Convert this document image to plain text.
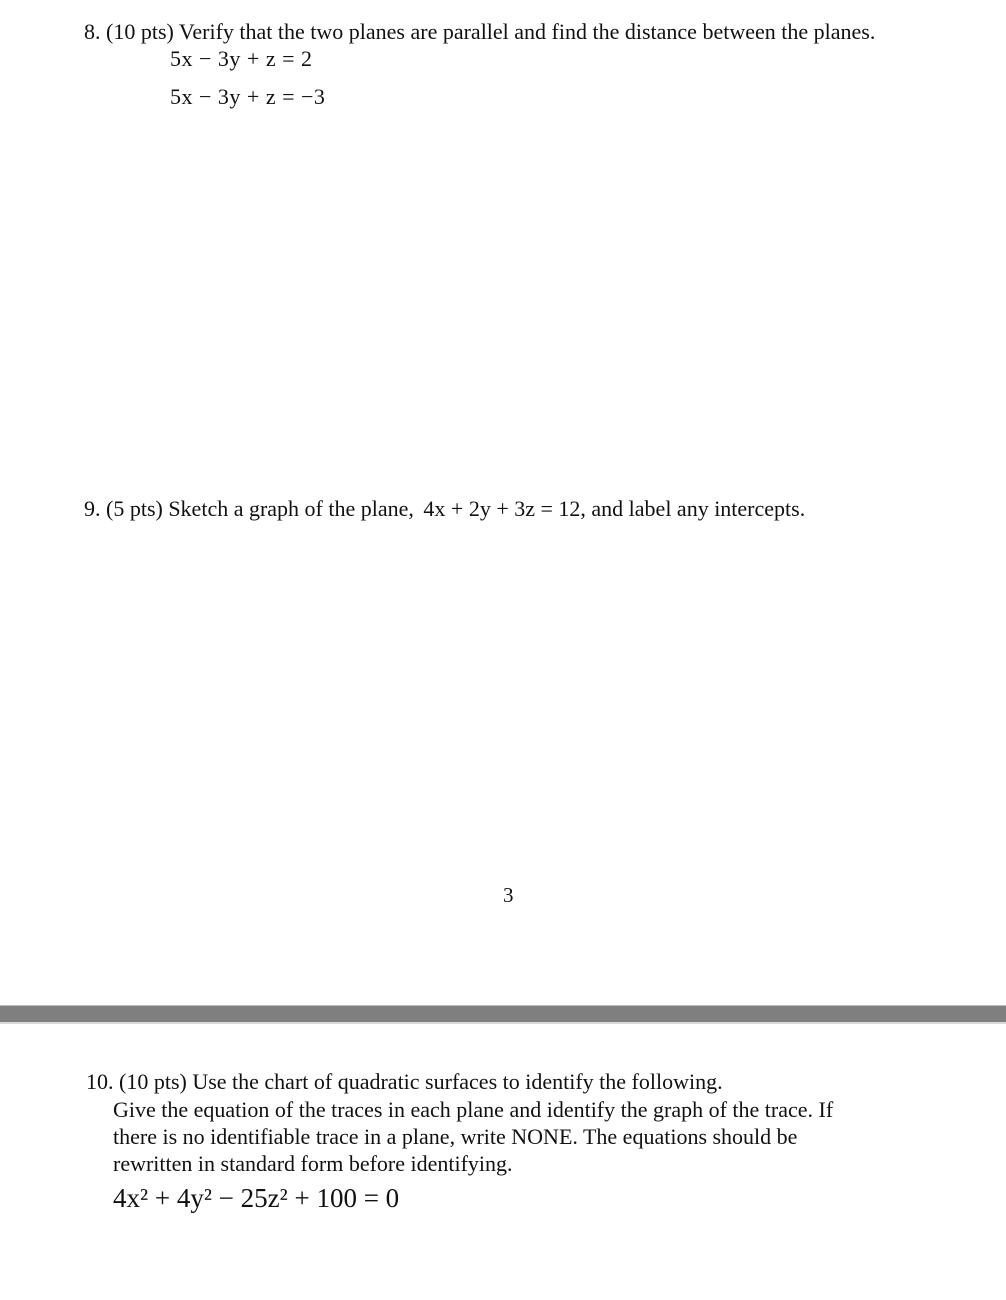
8. (10 pts) Verify that the two planes are parallel and find the distance between the planes.
5x − 3y + z = 2
5x − 3y + z = −3
9. (5 pts) Sketch a graph of the plane, 4x + 2y + 3z = 12, and label any intercepts.
3
10. (10 pts) Use the chart of quadratic surfaces to identify the following.
Give the equation of the traces in each plane and identify the graph of the trace. If
there is no identifiable trace in a plane, write NONE. The equations should be
rewritten in standard form before identifying.
4x² + 4y² − 25z² + 100 = 0
